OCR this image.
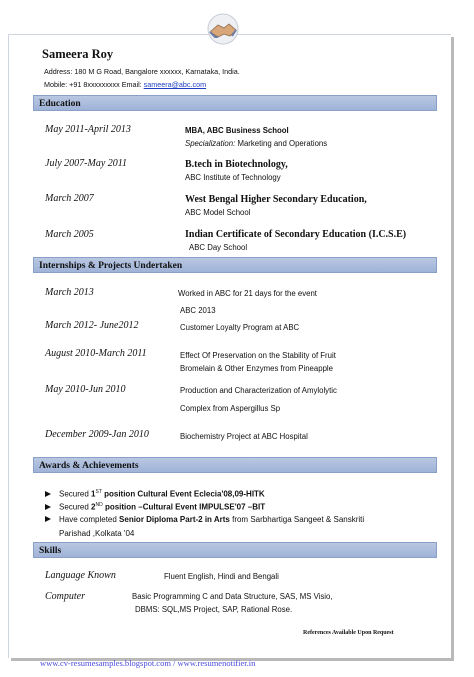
Sameera Roy
Address: 180 M G Road, Bangalore xxxxxx, Karnataka, India.
Mobile: +91 8xxxxxxxxx Email: sameera@abc.com
Education
May 2011-April 2013	MBA, ABC Business School
Specialization: Marketing and Operations
July 2007-May 2011	B.tech in Biotechnology,
ABC Institute of Technology
March 2007	West Bengal Higher Secondary Education,
ABC Model School
March 2005	Indian Certificate of Secondary Education (I.C.S.E)
ABC Day School
Internships & Projects Undertaken
March 2013	Worked in ABC for 21 days for the event
ABC 2013
March 2012- June2012	Customer Loyalty Program at ABC
August 2010-March 2011	Effect Of Preservation on the Stability of Fruit
Bromelain & Other Enzymes from Pineapple
May 2010-Jun 2010	Production and Characterization of Amylolytic
Complex from Aspergillus Sp
December 2009-Jan 2010	Biochemistry Project at ABC Hospital
Awards & Achievements
Secured 1ST position Cultural Event Eclecia'08,09-HITK
Secured 2ND position –Cultural Event IMPULSE'07 –BIT
Have completed Senior Diploma Part-2 in Arts from Sarbhartiga Sangeet & Sanskriti
Parishad ,Kolkata '04
Skills
Language Known	Fluent English, Hindi and Bengali
Computer	Basic Programming C and Data Structure, SAS, MS Visio,
DBMS: SQL,MS Project, SAP, Rational Rose.
References Available Upon Request
www.cv-resumesamples.blogspot.com / www.resumenotifier.in
